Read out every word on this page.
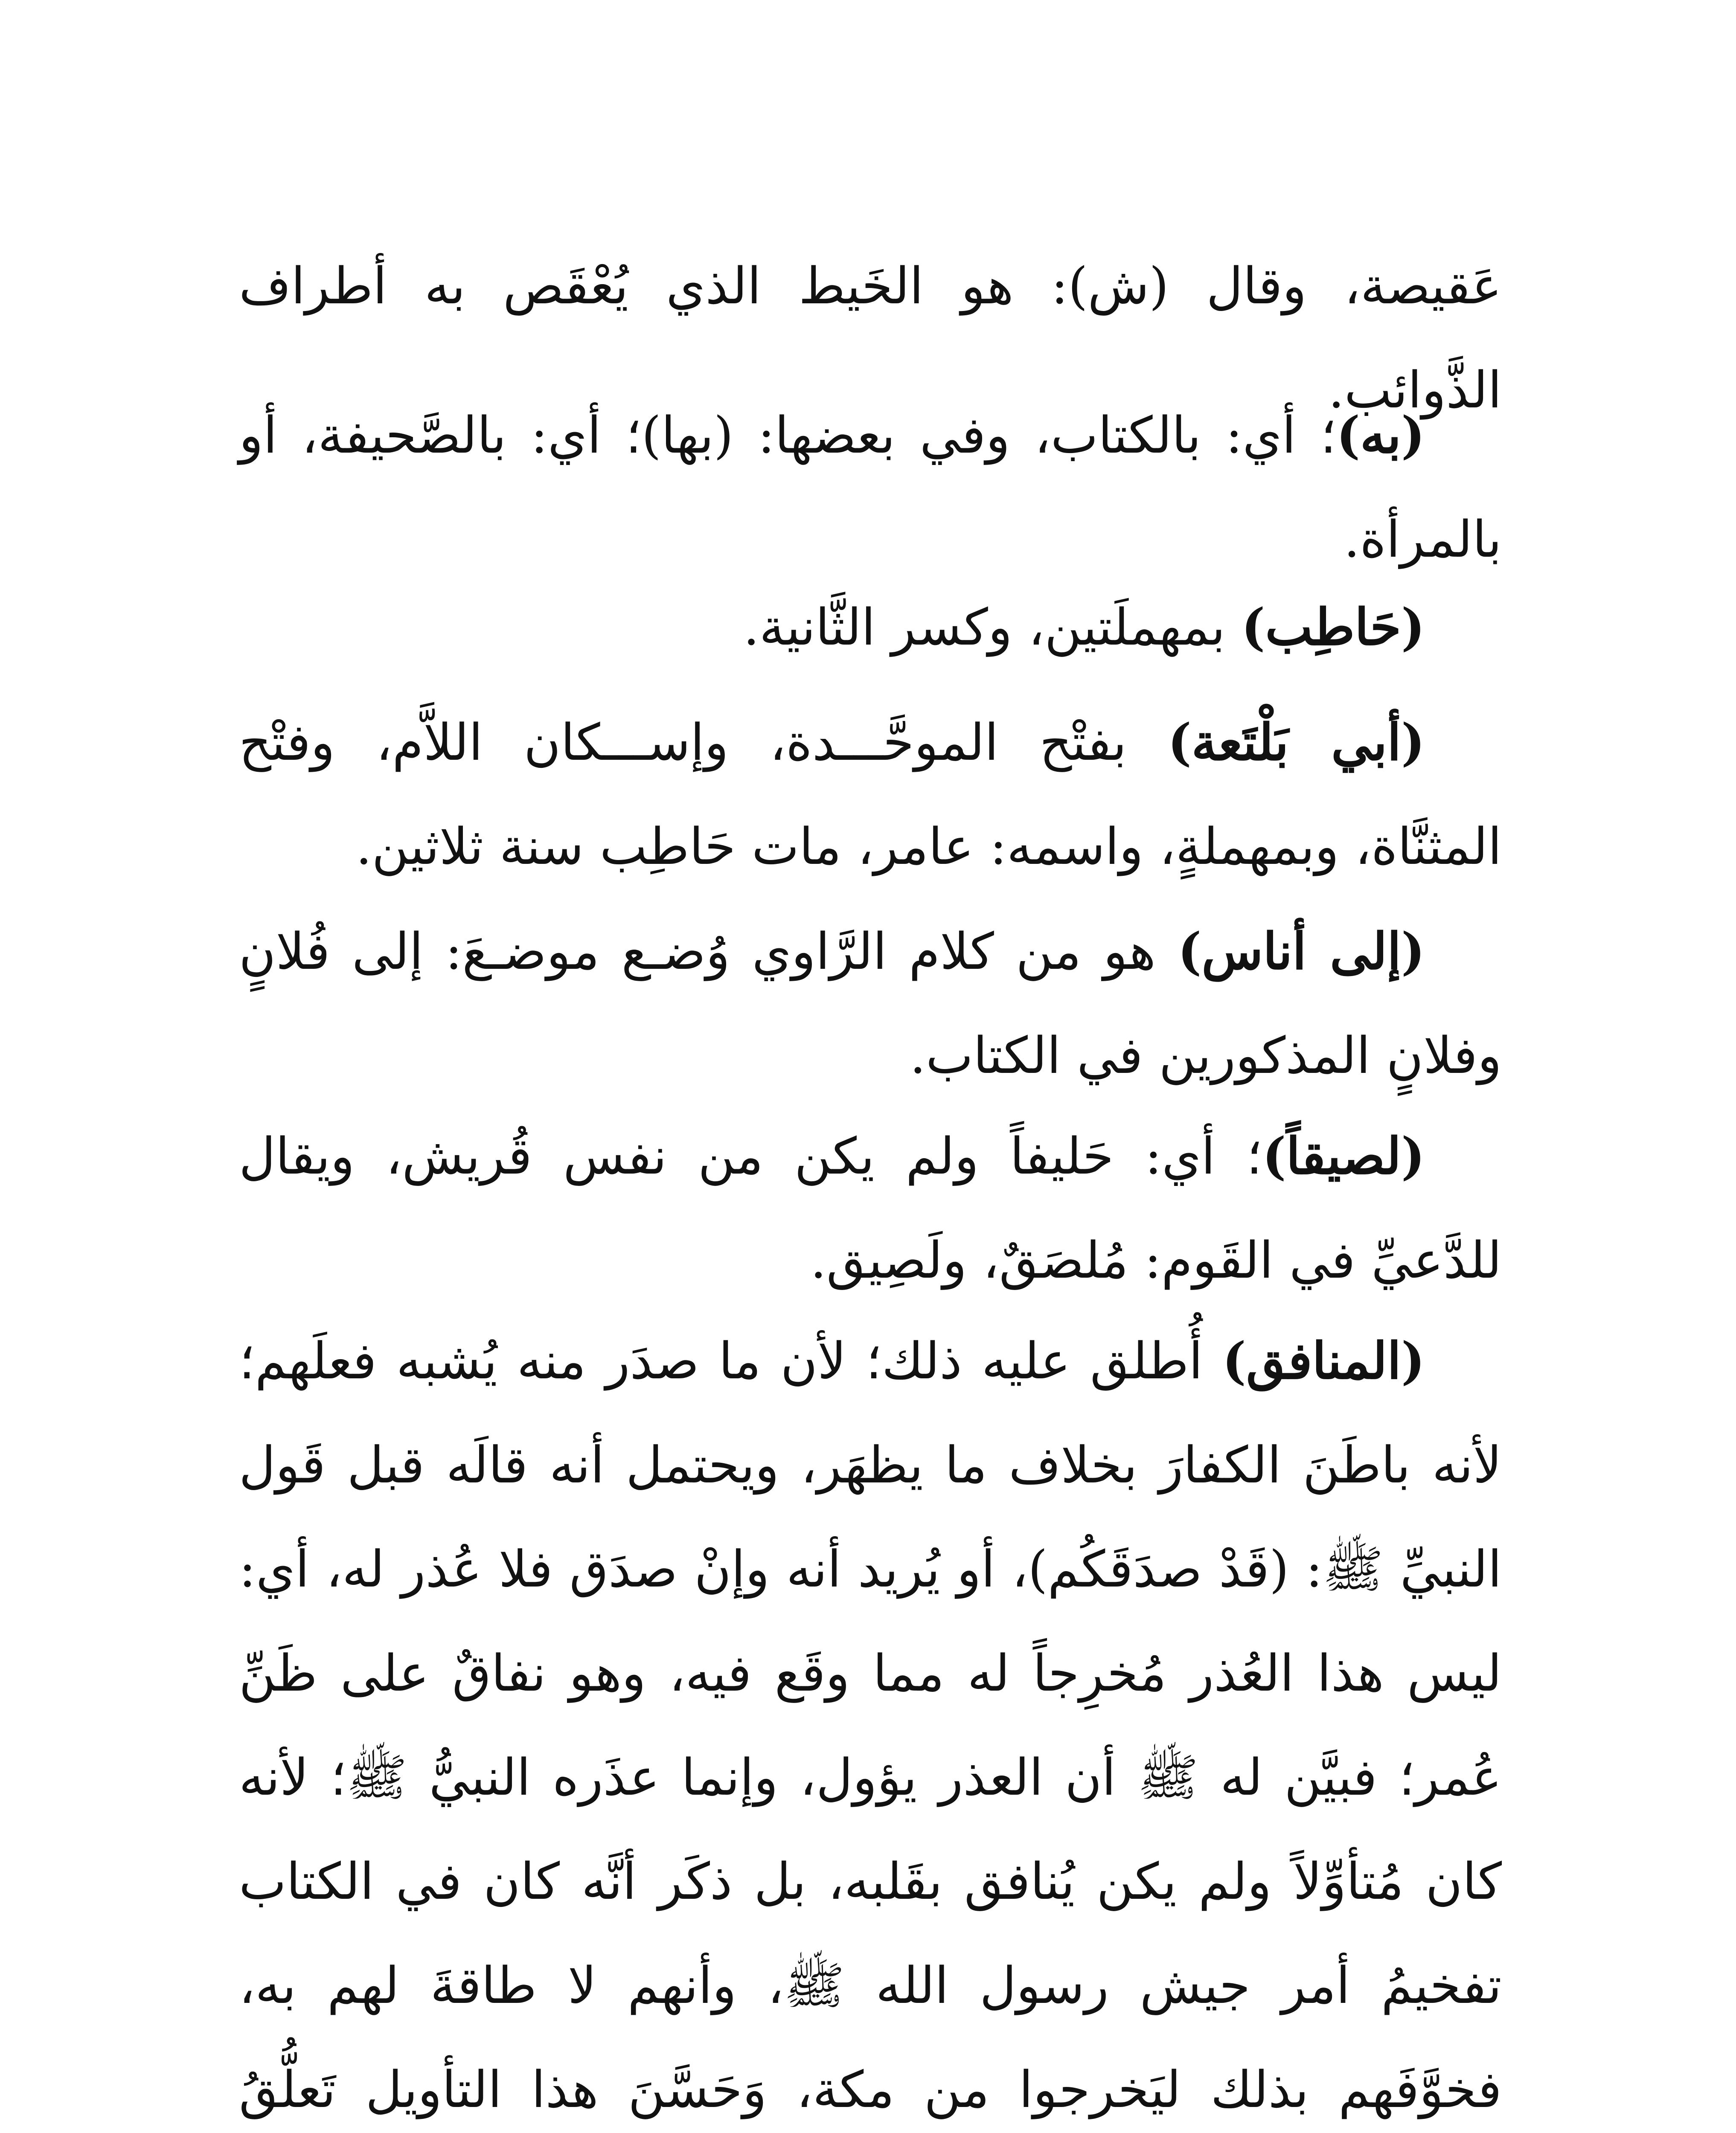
عَقيصة، وقال (ش): هو الخَيط الذي يُعْقَص به أطراف الذَّوائب.

(به)؛ أي: بالكتاب، وفي بعضها: (بها)؛ أي: بالصَّحيفة، أو بالمرأة.

(حَاطِب) بمهملَتين، وكسر الثَّانية.

(أبي بَلْتَعة) بفتْح الموحَّـــدة، وإســـكان اللاَّم، وفتْح المثنَّاة، وبمهملةٍ، واسمه: عامر، مات حَاطِب سنة ثلاثين.

(إلى أناس) هو من كلام الرَّاوي وُضـع موضـعَ: إلى فُلانٍ وفلانٍ المذكورين في الكتاب.

(لصيقاً)؛ أي: حَليفاً ولم يكن من نفس قُريش، ويقال للدَّعيِّ في القَوم: مُلصَقٌ، ولَصِيق.

(المنافق) أُطلق عليه ذلك؛ لأن ما صدَر منه يُشبه فعلَهم؛ لأنه باطَنَ الكفارَ بخلاف ما يظهَر، ويحتمل أنه قالَه قبل قَول النبيِّ ﷺ: (قَدْ صدَقَكُم)، أو يُريد أنه وإنْ صدَق فلا عُذر له، أي: ليس هذا العُذر مُخرِجاً له مما وقَع فيه، وهو نفاقٌ على ظَنِّ عُمر؛ فبيَّن له ﷺ أن العذر يؤول، وإنما عذَره النبيُّ ﷺ؛ لأنه كان مُتأوِّلاً ولم يكن يُنافق بقَلبه، بل ذكَر أنَّه كان في الكتاب تفخيمُ أمر جيش رسول الله ﷺ، وأنهم لا طاقةَ لهم به، فخوَّفَهم بذلك ليَخرجوا من مكة، وَحَسَّنَ هذا التأويل تَعلُّقُ
